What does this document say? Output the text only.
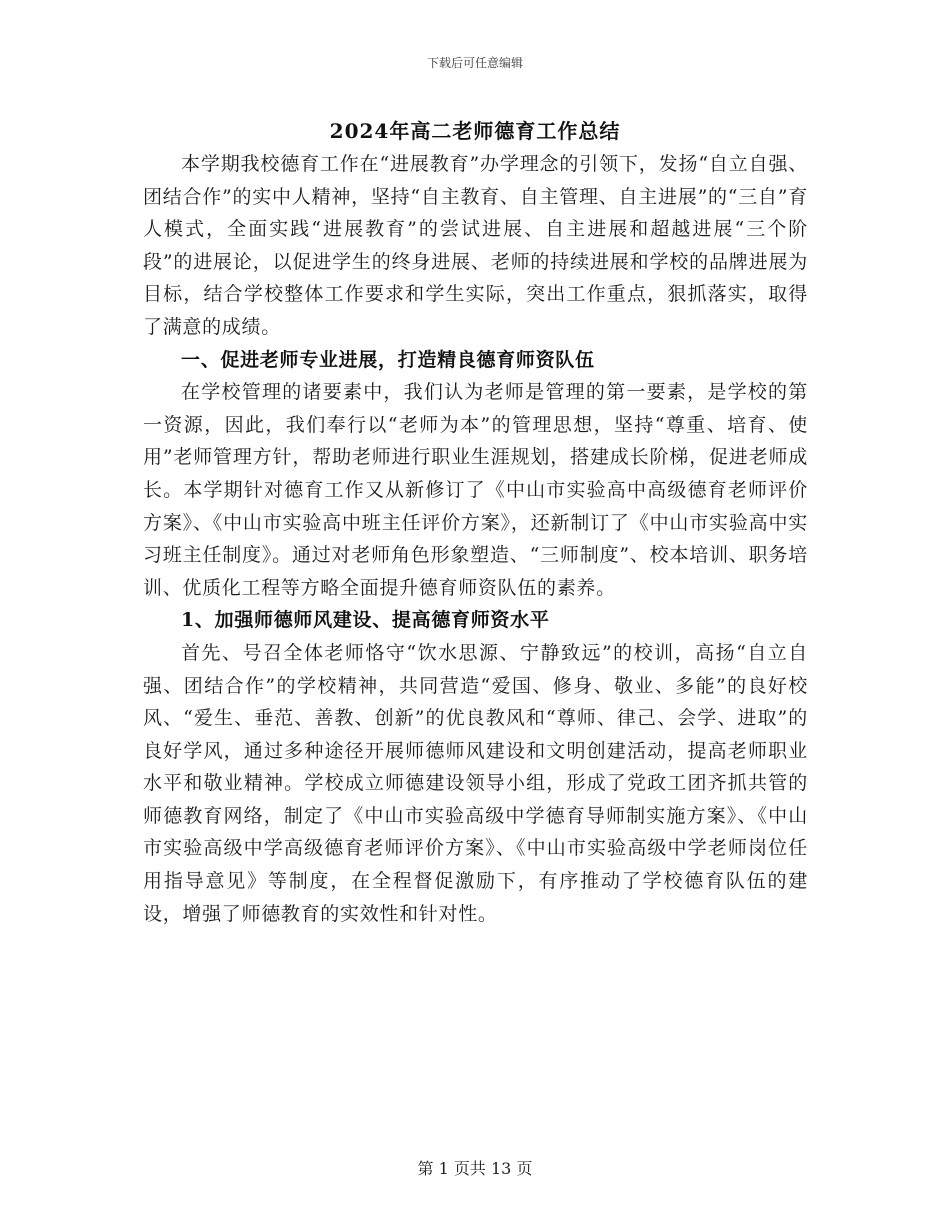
下载后可任意编辑
2024年高二老师德育工作总结

本学期我校德育工作在“进展教育”办学理念的引领下，发扬“自立自强、团结合作”的实中人精神，坚持“自主教育、自主管理、自主进展”的“三自”育人模式，全面实践“进展教育”的尝试进展、自主进展和超越进展“三个阶段”的进展论，以促进学生的终身进展、老师的持续进展和学校的品牌进展为目标，结合学校整体工作要求和学生实际，突出工作重点，狠抓落实，取得了满意的成绩。

一、促进老师专业进展，打造精良德育师资队伍

在学校管理的诸要素中，我们认为老师是管理的第一要素，是学校的第一资源，因此，我们奉行以“老师为本”的管理思想，坚持“尊重、培育、使用”老师管理方针，帮助老师进行职业生涯规划，搭建成长阶梯，促进老师成长。本学期针对德育工作又从新修订了《中山市实验高中高级德育老师评价方案》、《中山市实验高中班主任评价方案》，还新制订了《中山市实验高中实习班主任制度》。通过对老师角色形象塑造、“三师制度”、校本培训、职务培训、优质化工程等方略全面提升德育师资队伍的素养。

1、加强师德师风建设、提高德育师资水平

首先、号召全体老师恪守“饮水思源、宁静致远”的校训，高扬“自立自强、团结合作”的学校精神，共同营造“爱国、修身、敬业、多能”的良好校风、“爱生、垂范、善教、创新”的优良教风和“尊师、律己、会学、进取”的良好学风，通过多种途径开展师德师风建设和文明创建活动，提高老师职业水平和敬业精神。学校成立师德建设领导小组，形成了党政工团齐抓共管的师德教育网络，制定了《中山市实验高级中学德育导师制实施方案》、《中山市实验高级中学高级德育老师评价方案》、《中山市实验高级中学老师岗位任用指导意见》等制度，在全程督促激励下，有序推动了学校德育队伍的建设，增强了师德教育的实效性和针对性。

第 1 页共 13 页
